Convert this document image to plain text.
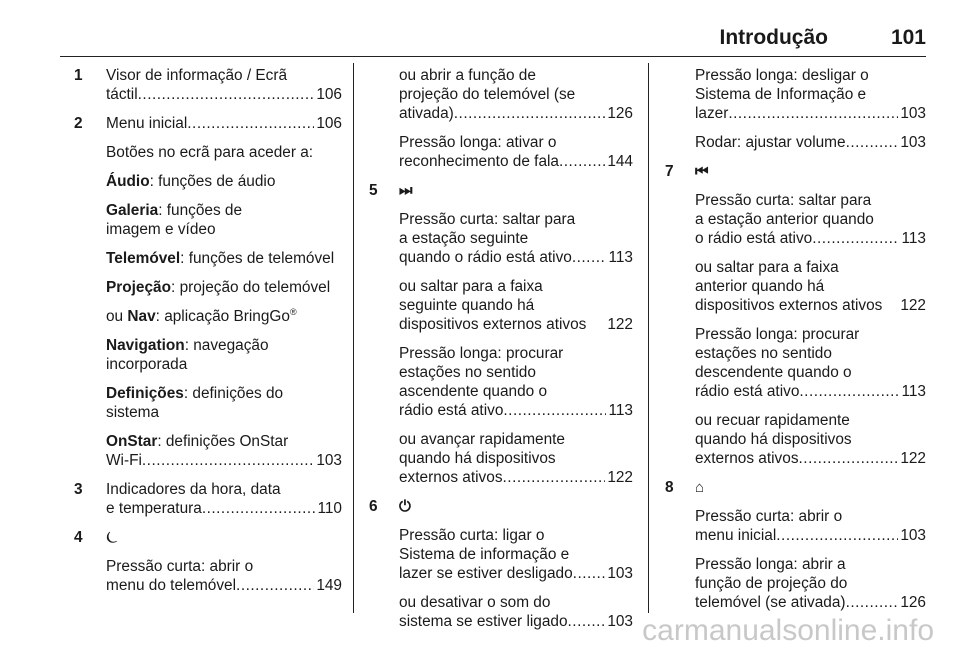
Introdução	101
1 Visor de informação / Ecrã
táctil .....	106
2 Menu inicial .....	106
Botões no ecrã para aceder a:
Áudio: funções de áudio
Galeria: funções de
imagem e vídeo
Telemóvel: funções de telemóvel
Projeção: projeção do telemóvel
ou Nav: aplicação BringGo®
Navigation: navegação
incorporada
Definições: definições do
sistema
OnStar: definições OnStar
Wi-Fi .....	103
3 Indicadores da hora, data
e temperatura .....	110
4 ⏾
Pressão curta: abrir o
menu do telemóvel .....	149
ou abrir a função de
projeção do telemóvel (se
ativada) .....	126
Pressão longa: ativar o
reconhecimento de fala .....	144
5 ⏭
Pressão curta: saltar para
a estação seguinte
quando o rádio está ativo ..... 113
ou saltar para a faixa
seguinte quando há
dispositivos externos ativos 122
Pressão longa: procurar
estações no sentido
ascendente quando o
rádio está ativo .....	113
ou avançar rapidamente
quando há dispositivos
externos ativos .....	122
6 ⏻
Pressão curta: ligar o
Sistema de informação e
lazer se estiver desligado ..... 103
ou desativar o som do
sistema se estiver ligado .....	103
Pressão longa: desligar o
Sistema de Informação e
lazer .....	103
Rodar: ajustar volume .....	103
7 ⏮
Pressão curta: saltar para
a estação anterior quando
o rádio está ativo .....	113
ou saltar para a faixa
anterior quando há
dispositivos externos ativos 122
Pressão longa: procurar
estações no sentido
descendente quando o
rádio está ativo .....	113
ou recuar rapidamente
quando há dispositivos
externos ativos .....	122
8 ⌂
Pressão curta: abrir o
menu inicial .....	103
Pressão longa: abrir a
função de projeção do
telemóvel (se ativada) .....	126
carmanualsonline.info
